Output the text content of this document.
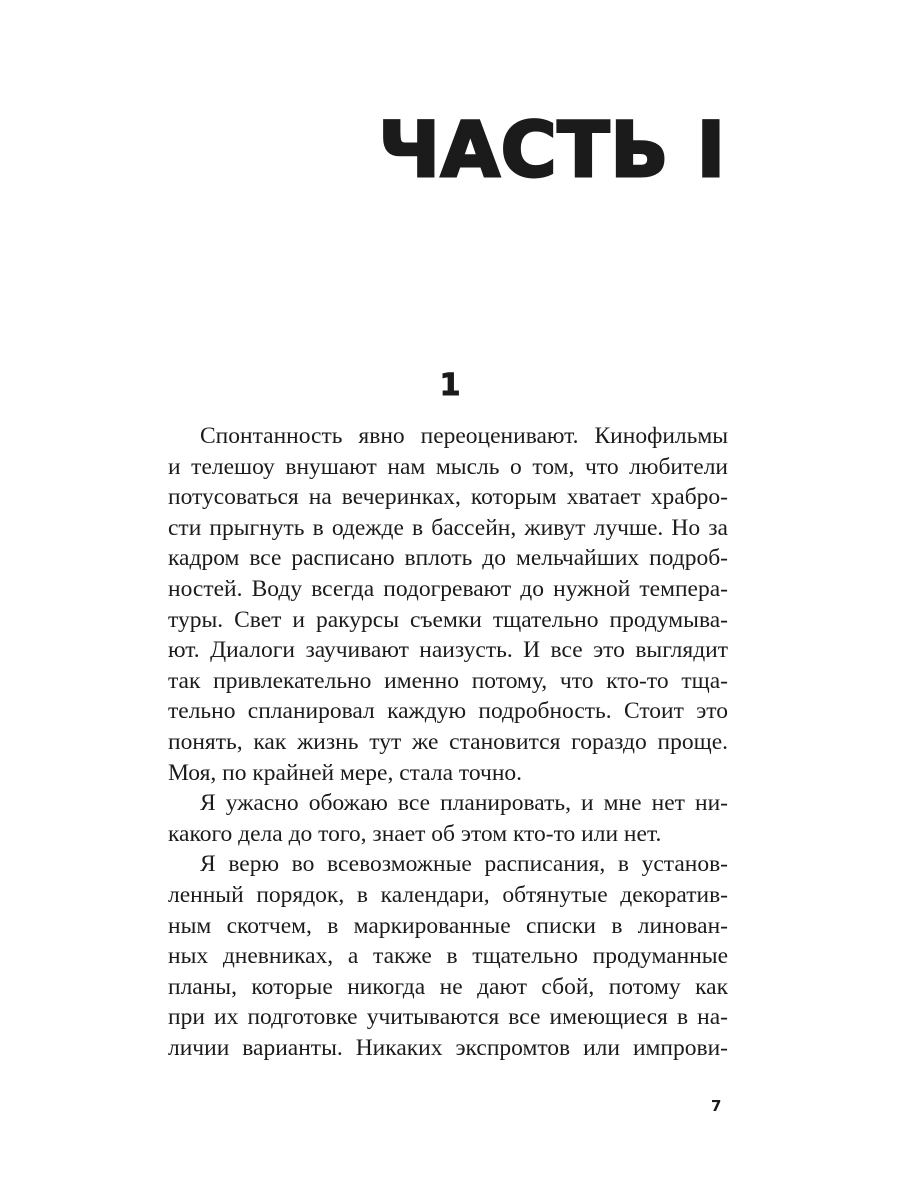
ЧАСТЬ I
1
Спонтанность явно переоценивают. Кинофильмы
и телешоу внушают нам мысль о том, что любители
потусоваться на вечеринках, которым хватает храбро-
сти прыгнуть в одежде в бассейн, живут лучше. Но за
кадром все расписано вплоть до мельчайших подроб-
ностей. Воду всегда подогревают до нужной темпера-
туры. Свет и ракурсы съемки тщательно продумыва-
ют. Диалоги заучивают наизусть. И все это выглядит
так привлекательно именно потому, что кто-то тща-
тельно спланировал каждую подробность. Стоит это
понять, как жизнь тут же становится гораздо проще.
Моя, по крайней мере, стала точно.
Я ужасно обожаю все планировать, и мне нет ни-
какого дела до того, знает об этом кто-то или нет.
Я верю во всевозможные расписания, в установ-
ленный порядок, в календари, обтянутые декоратив-
ным скотчем, в маркированные списки в линован-
ных дневниках, а также в тщательно продуманные
планы, которые никогда не дают сбой, потому как
при их подготовке учитываются все имеющиеся в на-
личии варианты. Никаких экспромтов или импрови-
7
